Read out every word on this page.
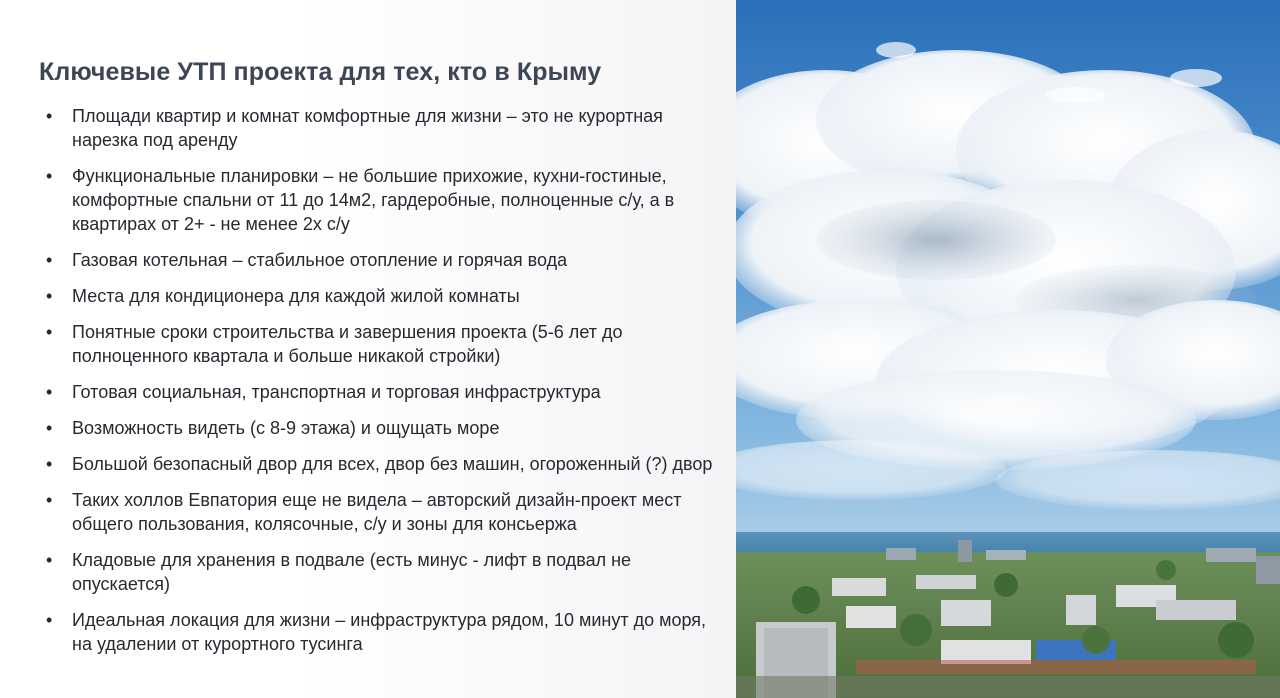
Ключевые УТП проекта для тех, кто в Крыму
•	Площади квартир и комнат комфортные для жизни – это не курортная нарезка под аренду
•	Функциональные планировки – не большие прихожие, кухни-гостиные, комфортные спальни от 11 до 14м2, гардеробные, полноценные с/у, а в квартирах от 2+ - не менее 2х с/у
•	Газовая котельная – стабильное отопление и горячая вода
•	Места для кондиционера для каждой жилой комнаты
•	Понятные сроки строительства и завершения проекта (5-6 лет до полноценного квартала и больше никакой стройки)
•	Готовая социальная, транспортная и торговая инфраструктура
•	Возможность видеть (с 8-9 этажа) и ощущать море
•	Большой безопасный двор для всех, двор без машин, огороженный (?) двор
•	Таких холлов Евпатория еще не видела – авторский дизайн-проект мест общего пользования, колясочные, с/у и зоны для консьержа
•	Кладовые для хранения в подвале (есть минус - лифт в подвал не опускается)
•	Идеальная локация для жизни – инфраструктура рядом, 10 минут до моря, на удалении от курортного тусинга
